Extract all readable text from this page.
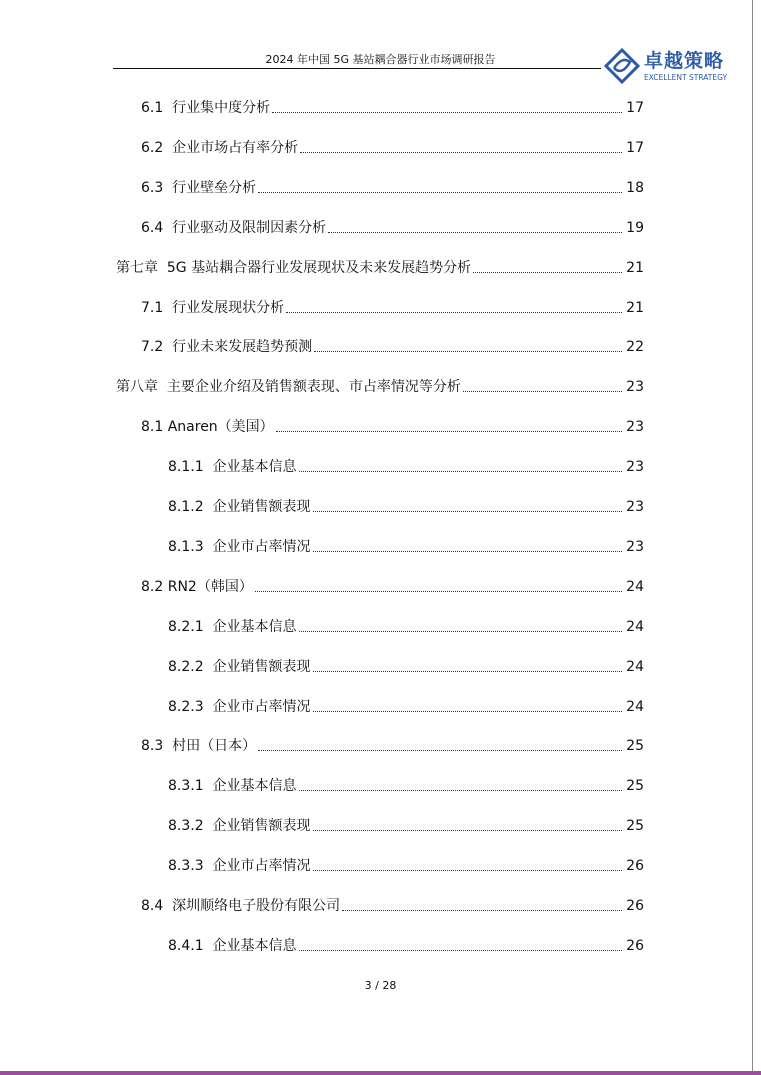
2024 年中国 5G 基站耦合器行业市场调研报告	卓越策略
EXCELLENT STRATEGY
6.1  行业集中度分析	17
6.2  企业市场占有率分析	17
6.3  行业壁垒分析	18
6.4  行业驱动及限制因素分析	19
第七章  5G 基站耦合器行业发展现状及未来发展趋势分析	21
7.1  行业发展现状分析	21
7.2  行业未来发展趋势预测	22
第八章  主要企业介绍及销售额表现、市占率情况等分析	23
8.1 Anaren（美国）	23
8.1.1  企业基本信息	23
8.1.2  企业销售额表现	23
8.1.3  企业市占率情况	23
8.2 RN2（韩国）	24
8.2.1  企业基本信息	24
8.2.2  企业销售额表现	24
8.2.3  企业市占率情况	24
8.3  村田（日本）	25
8.3.1  企业基本信息	25
8.3.2  企业销售额表现	25
8.3.3  企业市占率情况	26
8.4  深圳顺络电子股份有限公司	26
8.4.1  企业基本信息	26
3 / 28
